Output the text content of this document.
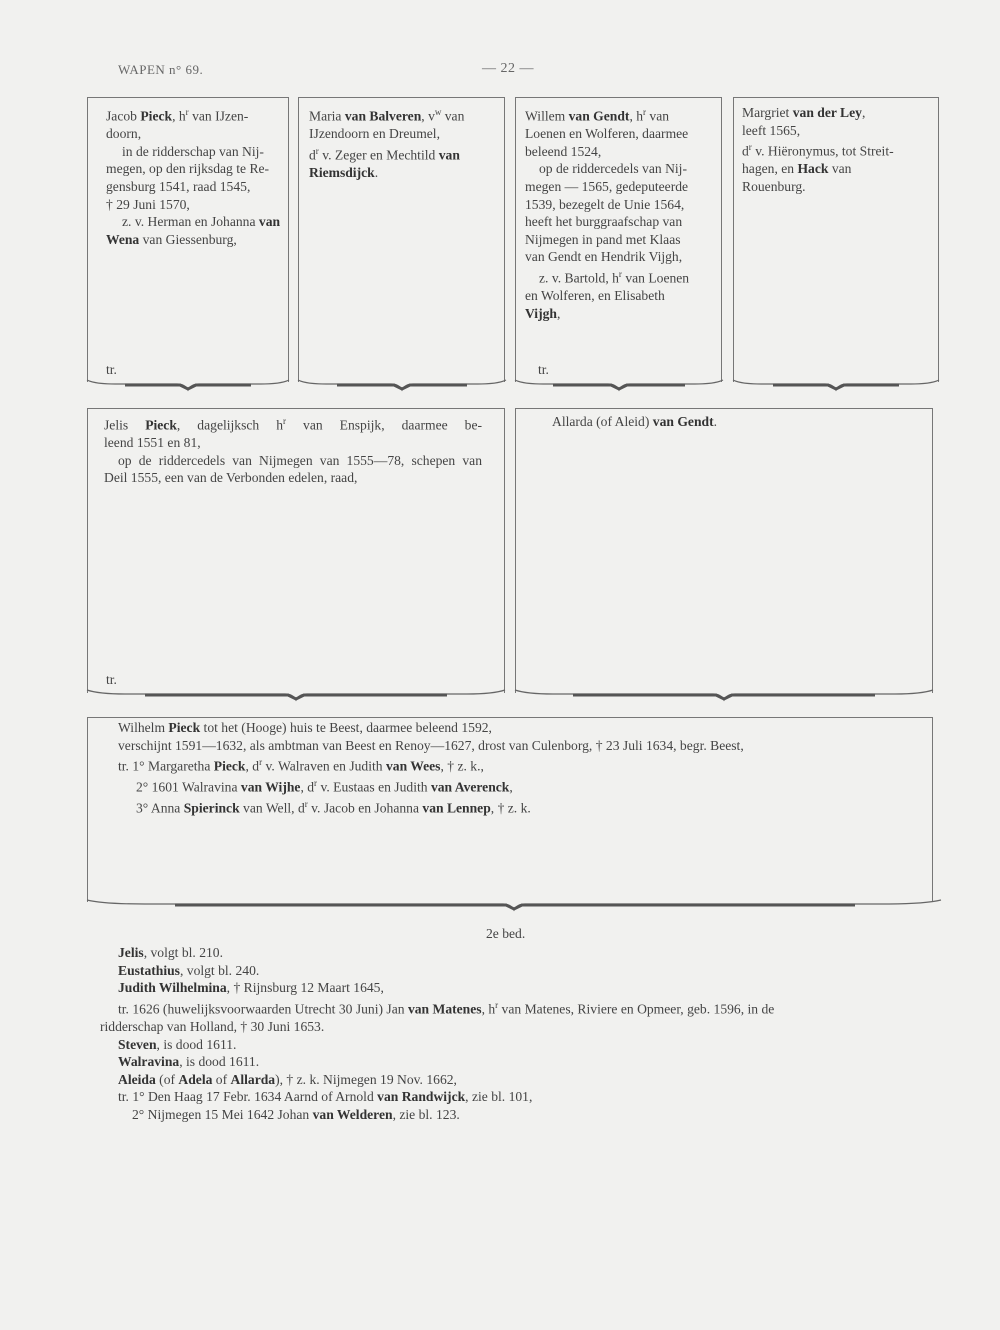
WAPEN n° 69.	— 22 —
Jacob Pieck, $h^r$ van IJzen-
doorn,
in de ridderschap van Nij-
megen, op den rijksdag te Re-
gensburg 1541, raad 1545,
† 29 Juni 1570,
z. v. Herman en Johanna van
Wena van Giessenburg,
tr.
Maria van Balveren, $v^w$ van
IJzendoorn en Dreumel,
$d^r$ v. Zeger en Mechtild van
Riemsdijck.
Willem van Gendt, $h^r$ van
Loenen en Wolferen, daarmee
beleend 1524,
op de riddercedels van Nij-
megen — 1565, gedeputeerde
1539, bezegelt de Unie 1564,
heeft het burggraafschap van
Nijmegen in pand met Klaas
van Gendt en Hendrik Vijgh,
z. v. Bartold, $h^r$ van Loenen
en Wolferen, en Elisabeth
Vijgh,
tr.
Margriet van der Ley,
leeft 1565,
$d^r$ v. Hiëronymus, tot Streit-
hagen, en Hack van
Rouenburg.
Jelis Pieck, dagelijksch $h^r$ van Enspijk, daarmee be-
leend 1551 en 81,
op de riddercedels van Nijmegen van 1555—78, schepen van
Deil 1555, een van de Verbonden edelen, raad,
tr.
Allarda (of Aleid) van Gendt.
Wilhelm Pieck tot het (Hooge) huis te Beest, daarmee beleend 1592,
verschijnt 1591—1632, als ambtman van Beest en Renoy—1627, drost van Culenborg, † 23 Juli 1634, begr. Beest,
tr. 1° Margaretha Pieck, $d^r$ v. Walraven en Judith van Wees, † z. k.,
2° 1601 Walravina van Wijhe, $d^r$ v. Eustaas en Judith van Averenck,
3° Anna Spierinck van Well, $d^r$ v. Jacob en Johanna van Lennep, † z. k.
2e bed.
Jelis, volgt bl. 210.
Eustathius, volgt bl. 240.
Judith Wilhelmina, † Rijnsburg 12 Maart 1645,
tr. 1626 (huwelijksvoorwaarden Utrecht 30 Juni) Jan van Matenes, $h^r$ van Matenes, Riviere en Opmeer, geb. 1596, in de
ridderschap van Holland, † 30 Juni 1653.
Steven, is dood 1611.
Walravina, is dood 1611.
Aleida (of Adela of Allarda), † z. k. Nijmegen 19 Nov. 1662,
tr. 1° Den Haag 17 Febr. 1634 Aarnd of Arnold van Randwijck, zie bl. 101,
2° Nijmegen 15 Mei 1642 Johan van Welderen, zie bl. 123.
